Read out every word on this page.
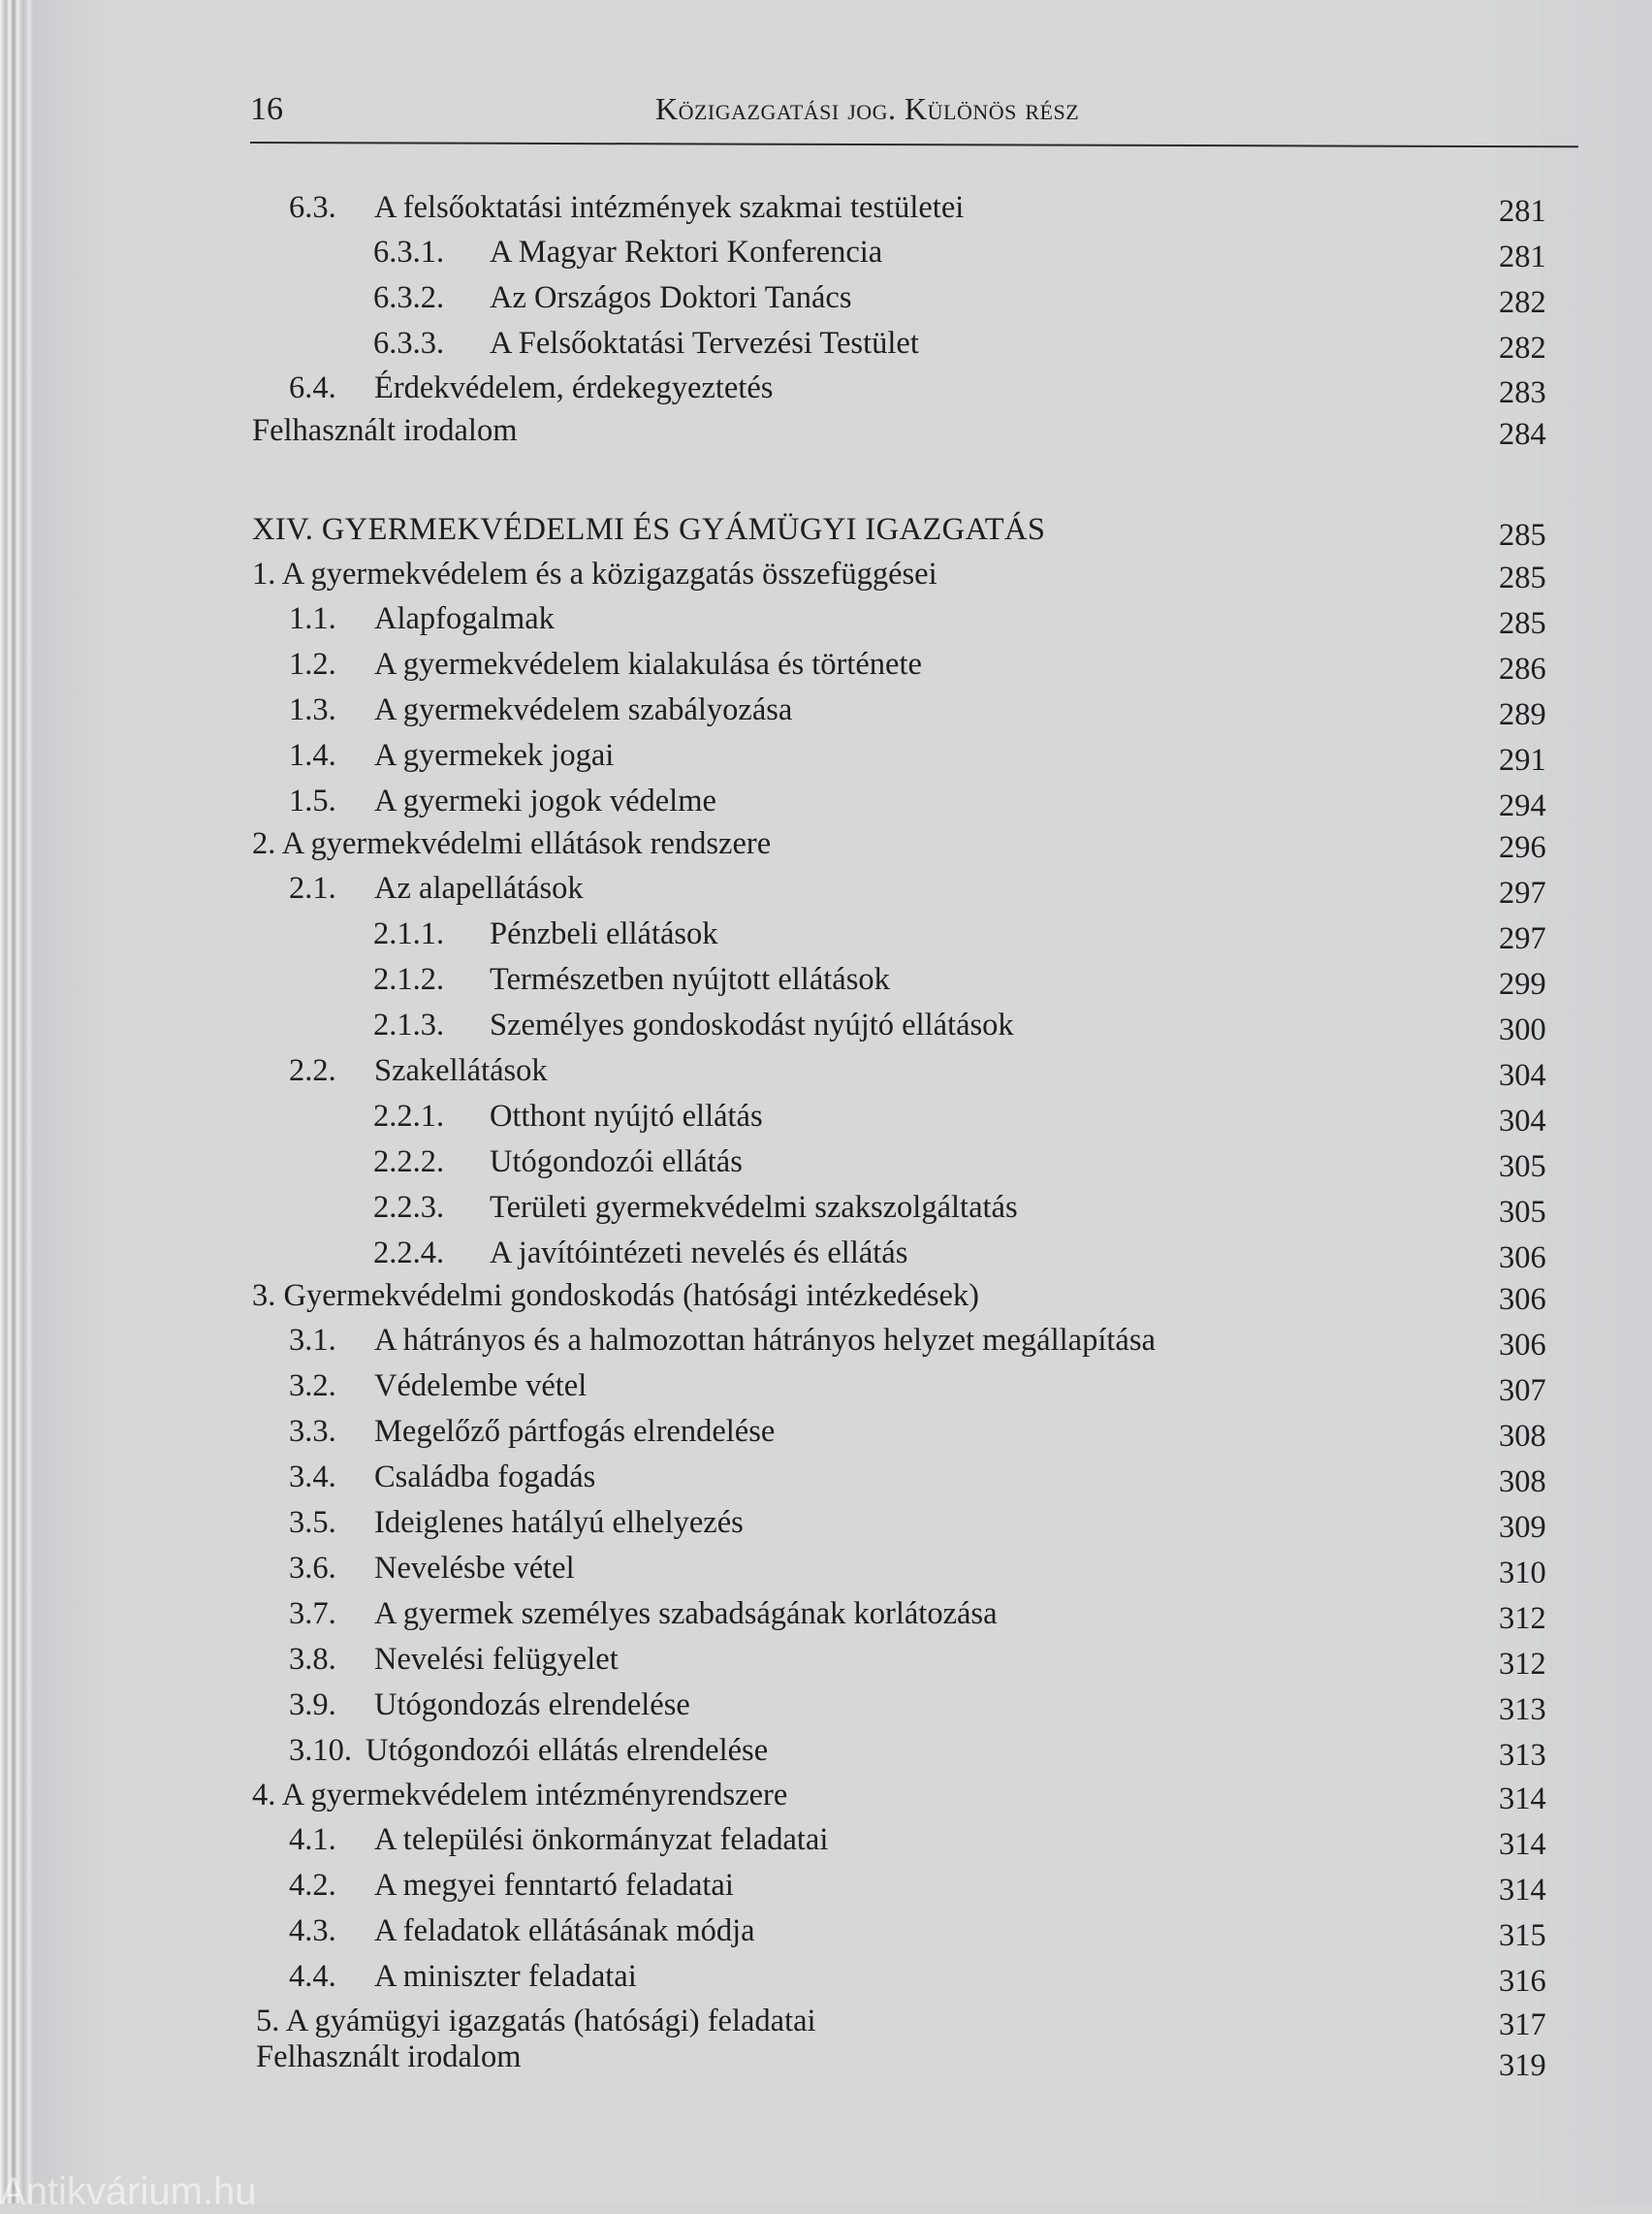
16	Közigazgatási jog. Különös rész
6.3. A felsőoktatási intézmények szakmai testületei	281
6.3.1. A Magyar Rektori Konferencia	281
6.3.2. Az Országos Doktori Tanács	282
6.3.3. A Felsőoktatási Tervezési Testület	282
6.4. Érdekvédelem, érdekegyeztetés	283
Felhasznált irodalom	284
XIV. GYERMEKVÉDELMI ÉS GYÁMÜGYI IGAZGATÁS	285
1. A gyermekvédelem és a közigazgatás összefüggései	285
1.1. Alapfogalmak	285
1.2. A gyermekvédelem kialakulása és története	286
1.3. A gyermekvédelem szabályozása	289
1.4. A gyermekek jogai	291
1.5. A gyermeki jogok védelme	294
2. A gyermekvédelmi ellátások rendszere	296
2.1. Az alapellátások	297
2.1.1. Pénzbeli ellátások	297
2.1.2. Természetben nyújtott ellátások	299
2.1.3. Személyes gondoskodást nyújtó ellátások	300
2.2. Szakellátások	304
2.2.1. Otthont nyújtó ellátás	304
2.2.2. Utógondozói ellátás	305
2.2.3. Területi gyermekvédelmi szakszolgáltatás	305
2.2.4. A javítóintézeti nevelés és ellátás	306
3. Gyermekvédelmi gondoskodás (hatósági intézkedések)	306
3.1. A hátrányos és a halmozottan hátrányos helyzet megállapítása	306
3.2. Védelembe vétel	307
3.3. Megelőző pártfogás elrendelése	308
3.4. Családba fogadás	308
3.5. Ideiglenes hatályú elhelyezés	309
3.6. Nevelésbe vétel	310
3.7. A gyermek személyes szabadságának korlátozása	312
3.8. Nevelési felügyelet	312
3.9. Utógondozás elrendelése	313
3.10. Utógondozói ellátás elrendelése	313
4. A gyermekvédelem intézményrendszere	314
4.1. A települési önkormányzat feladatai	314
4.2. A megyei fenntartó feladatai	314
4.3. A feladatok ellátásának módja	315
4.4. A miniszter feladatai	316
5. A gyámügyi igazgatás (hatósági) feladatai	317
Felhasznált irodalom	319
Antikvárium.hu
